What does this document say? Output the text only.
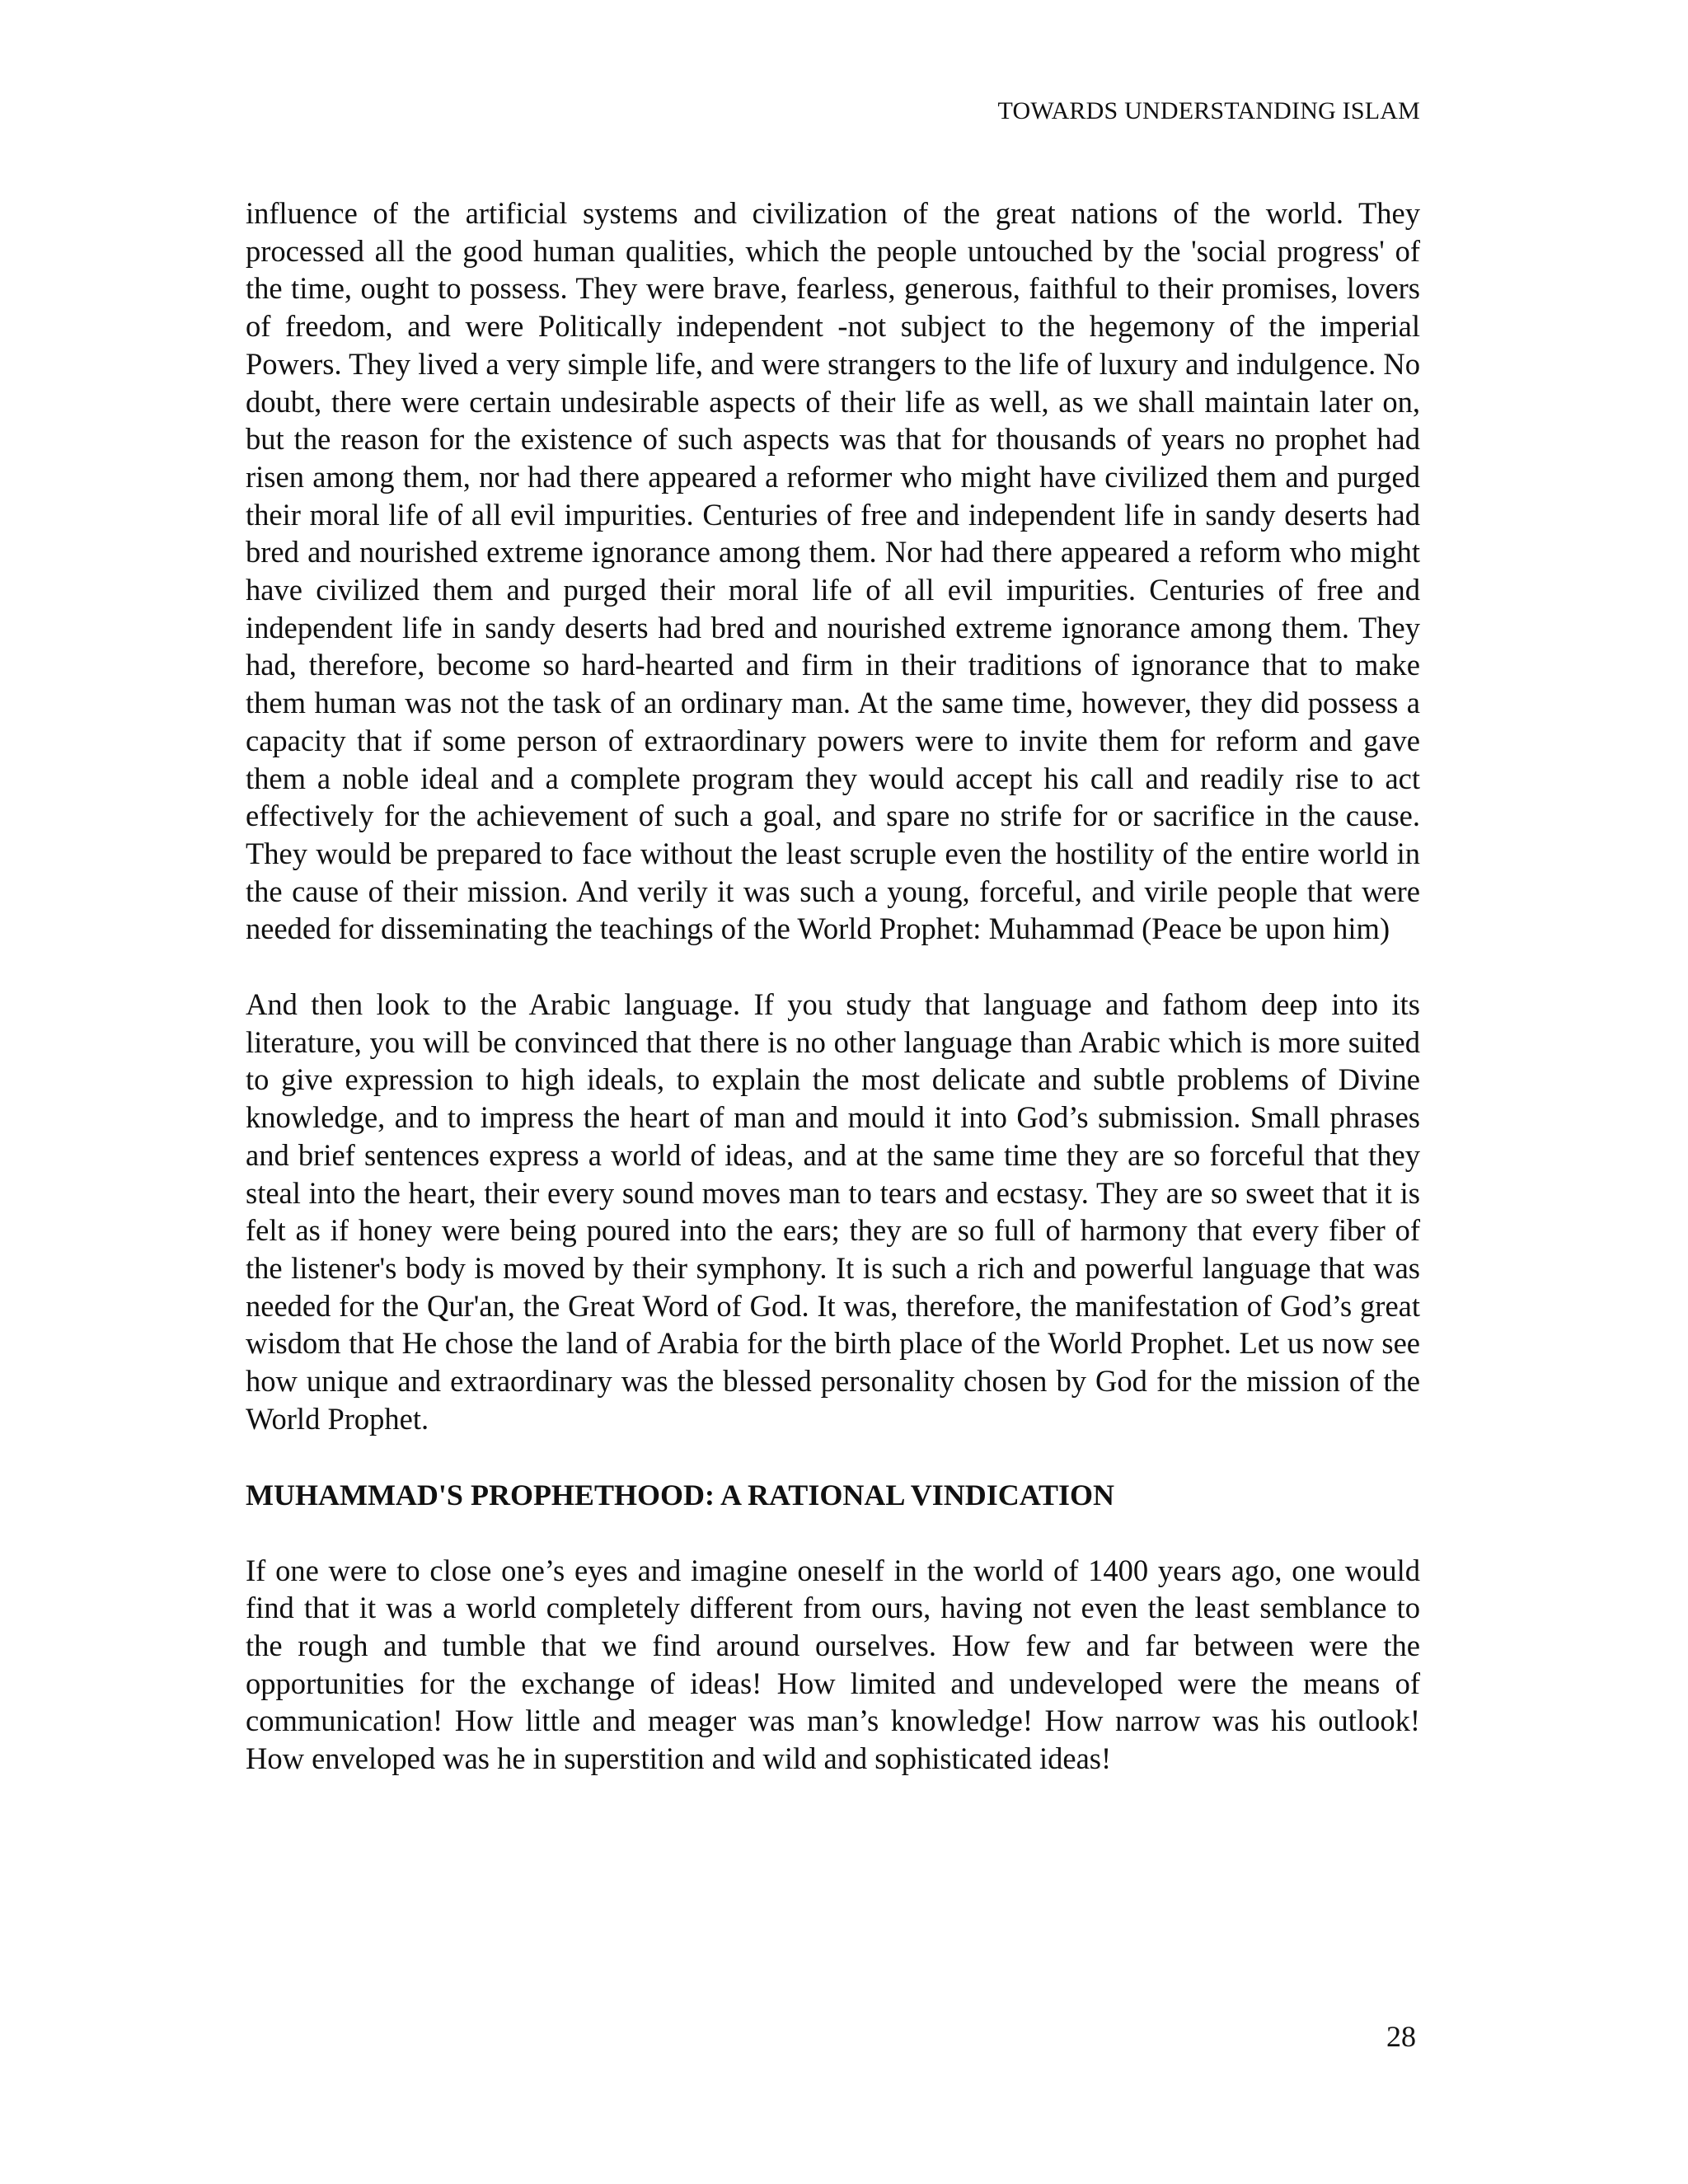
TOWARDS UNDERSTANDING ISLAM

influence of the artificial systems and civilization of the great nations of the world. They processed all the good human qualities, which the people untouched by the 'social progress' of the time, ought to possess. They were brave, fearless, generous, faithful to their promises, lovers of freedom, and were Politically independent -not subject to the hegemony of the imperial Powers. They lived a very simple life, and were strangers to the life of luxury and indulgence. No doubt, there were certain undesirable aspects of their life as well, as we shall maintain later on, but the reason for the existence of such aspects was that for thousands of years no prophet had risen among them, nor had there appeared a reformer who might have civilized them and purged their moral life of all evil impurities. Centuries of free and independent life in sandy deserts had bred and nourished extreme ignorance among them. Nor had there appeared a reform who might have civilized them and purged their moral life of all evil impurities. Centuries of free and independent life in sandy deserts had bred and nourished extreme ignorance among them. They had, therefore, become so hard-hearted and firm in their traditions of ignorance that to make them human was not the task of an ordinary man. At the same time, however, they did possess a capacity that if some person of extraordinary powers were to invite them for reform and gave them a noble ideal and a complete program they would accept his call and readily rise to act effectively for the achievement of such a goal, and spare no strife for or sacrifice in the cause. They would be prepared to face without the least scruple even the hostility of the entire world in the cause of their mission. And verily it was such a young, forceful, and virile people that were needed for disseminating the teachings of the World Prophet: Muhammad (Peace be upon him)

And then look to the Arabic language. If you study that language and fathom deep into its literature, you will be convinced that there is no other language than Arabic which is more suited to give expression to high ideals, to explain the most delicate and subtle problems of Divine knowledge, and to impress the heart of man and mould it into God’s submission. Small phrases and brief sentences express a world of ideas, and at the same time they are so forceful that they steal into the heart, their every sound moves man to tears and ecstasy. They are so sweet that it is felt as if honey were being poured into the ears; they are so full of harmony that every fiber of the listener's body is moved by their symphony. It is such a rich and powerful language that was needed for the Qur'an, the Great Word of God. It was, therefore, the manifestation of God’s great wisdom that He chose the land of Arabia for the birth place of the World Prophet. Let us now see how unique and extraordinary was the blessed personality chosen by God for the mission of the World Prophet.

MUHAMMAD'S PROPHETHOOD: A RATIONAL VINDICATION

If one were to close one’s eyes and imagine oneself in the world of 1400 years ago, one would find that it was a world completely different from ours, having not even the least semblance to the rough and tumble that we find around ourselves. How few and far between were the opportunities for the exchange of ideas! How limited and undeveloped were the means of communication! How little and meager was man’s knowledge! How narrow was his outlook! How enveloped was he in superstition and wild and sophisticated ideas!

28
